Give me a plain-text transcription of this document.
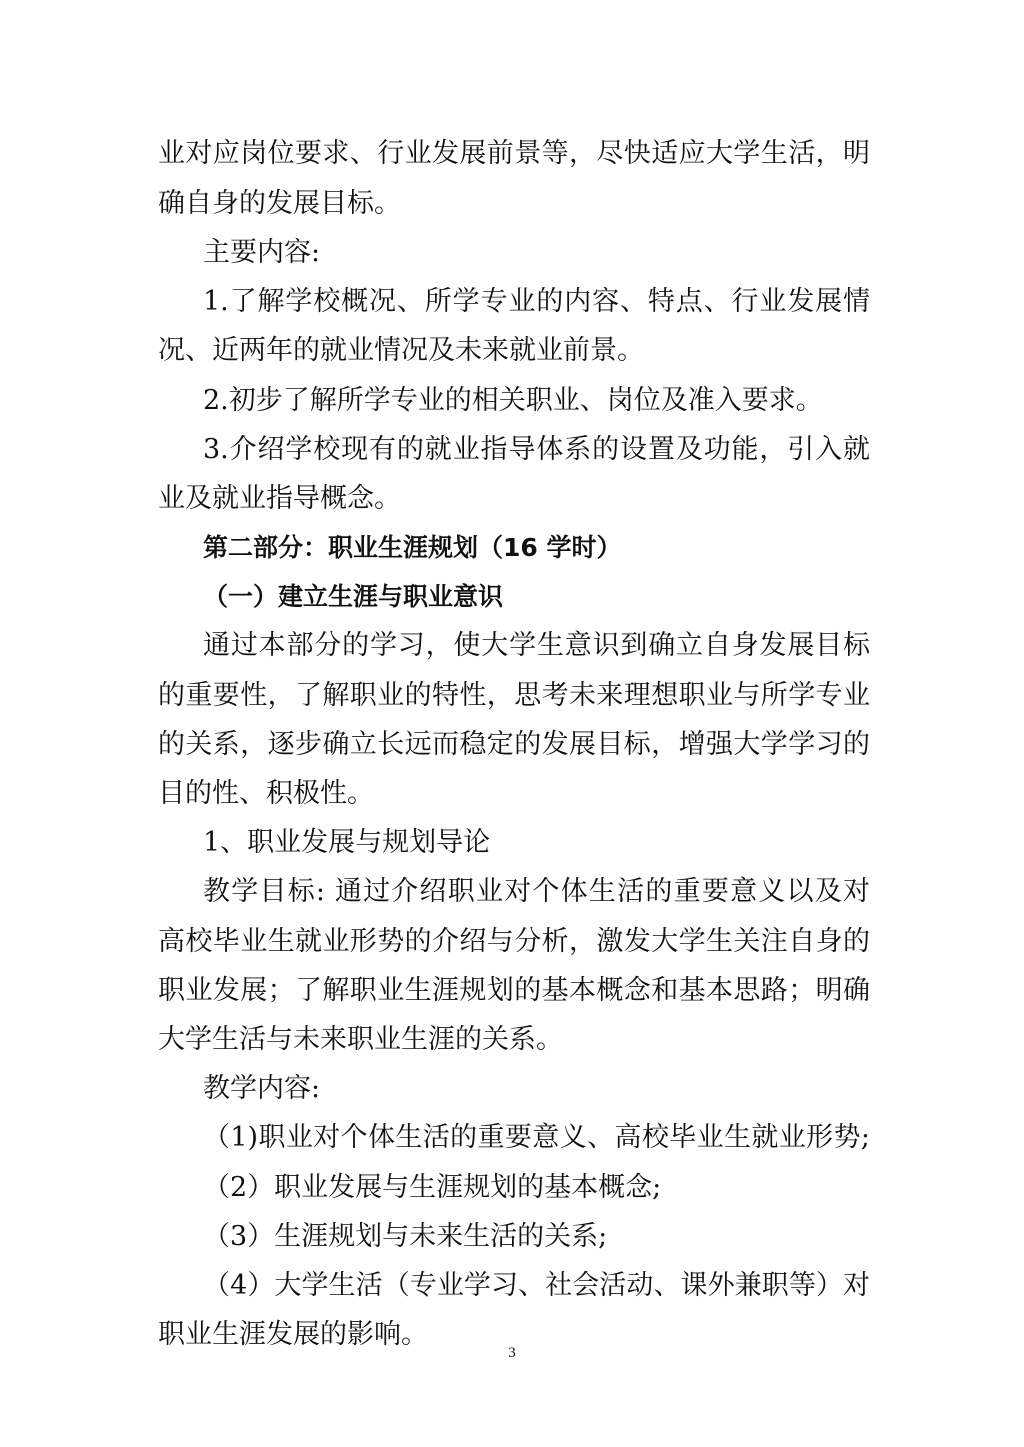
业对应岗位要求、行业发展前景等，尽快适应大学生活，明
确自身的发展目标。
主要内容:
1.了解学校概况、所学专业的内容、特点、行业发展情
况、近两年的就业情况及未来就业前景。
2.初步了解所学专业的相关职业、岗位及准入要求。
3.介绍学校现有的就业指导体系的设置及功能，引入就
业及就业指导概念。
第二部分：职业生涯规划（16 学时）
（一）建立生涯与职业意识
通过本部分的学习，使大学生意识到确立自身发展目标
的重要性，了解职业的特性，思考未来理想职业与所学专业
的关系，逐步确立长远而稳定的发展目标，增强大学学习的
目的性、积极性。
1、职业发展与规划导论
教学目标: 通过介绍职业对个体生活的重要意义以及对
高校毕业生就业形势的介绍与分析，激发大学生关注自身的
职业发展；了解职业生涯规划的基本概念和基本思路；明确
大学生活与未来职业生涯的关系。
教学内容:
（1)职业对个体生活的重要意义、高校毕业生就业形势;
（2）职业发展与生涯规划的基本概念;
（3）生涯规划与未来生活的关系;
（4）大学生活（专业学习、社会活动、课外兼职等）对
职业生涯发展的影响。
3
